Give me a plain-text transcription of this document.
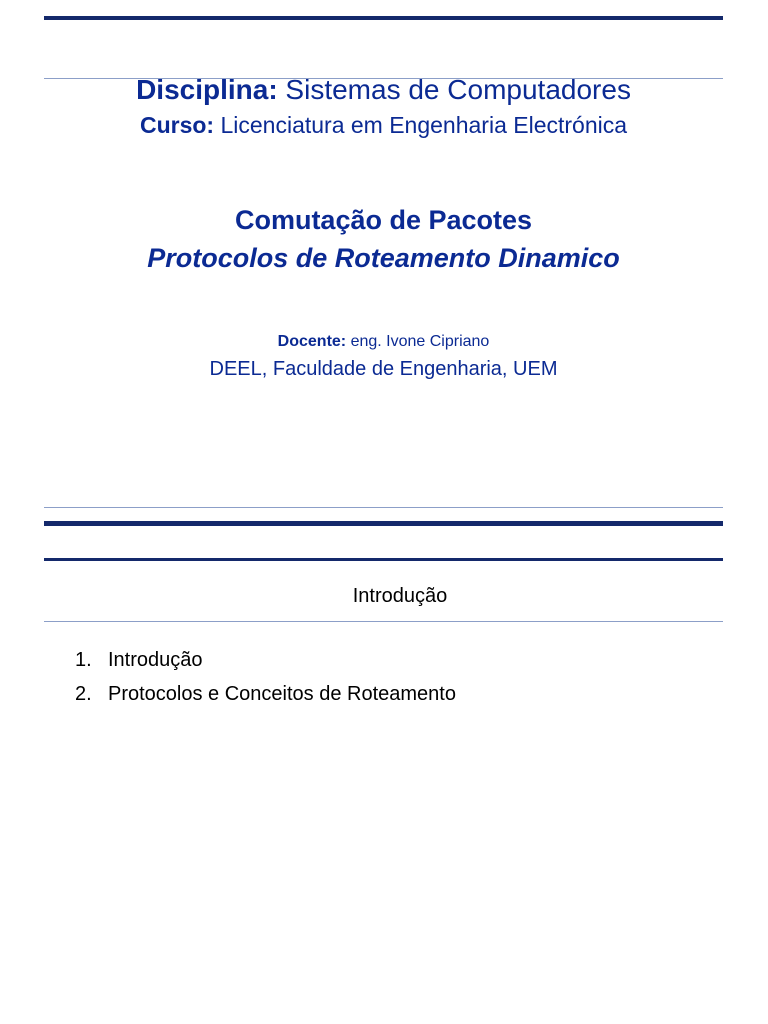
Disciplina: Sistemas de Computadores
Curso: Licenciatura em Engenharia Electrónica
Comutação de Pacotes
Protocolos de Roteamento Dinamico
Docente: eng. Ivone Cipriano
DEEL, Faculdade de Engenharia, UEM
Introdução
1. Introdução
2. Protocolos e Conceitos de Roteamento
